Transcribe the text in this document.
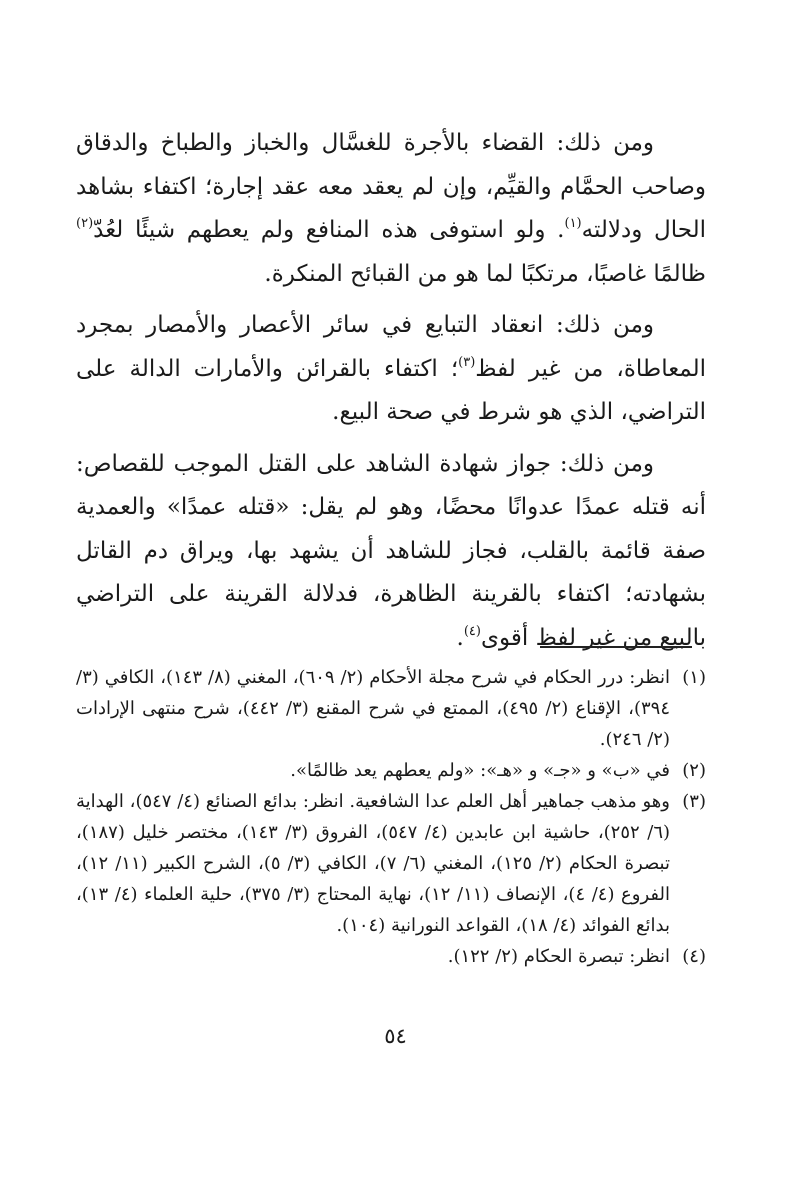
ومن ذلك: القضاء بالأجرة للغسَّال والخباز والطباخ والدقاق وصاحب الحمَّام والقيِّم، وإن لم يعقد معه عقد إجارة؛ اكتفاء بشاهد الحال ودلالته$^{(١)}$. ولو استوفى هذه المنافع ولم يعطهم شيئًا لعُدّ$^{(٢)}$ ظالمًا غاصبًا، مرتكبًا لما هو من القبائح المنكرة.

ومن ذلك: انعقاد التبايع في سائر الأعصار والأمصار بمجرد المعاطاة، من غير لفظ$^{(٣)}$؛ اكتفاء بالقرائن والأمارات الدالة على التراضي، الذي هو شرط في صحة البيع.

ومن ذلك: جواز شهادة الشاهد على القتل الموجب للقصاص: أنه قتله عمدًا عدوانًا محضًا، وهو لم يقل: «قتله عمدًا» والعمدية صفة قائمة بالقلب، فجاز للشاهد أن يشهد بها، ويراق دم القاتل بشهادته؛ اكتفاء بالقرينة الظاهرة، فدلالة القرينة على التراضي بالبيع من غير لفظ أقوى$^{(٤)}$.

(١)
انظر: درر الحكام في شرح مجلة الأحكام (٢/ ٦٠٩)، المغني (٨/ ١٤٣)، الكافي (٣/ ٣٩٤)، الإقناع (٢/ ٤٩٥)، الممتع في شرح المقنع (٣/ ٤٤٢)، شرح منتهى الإرادات (٢/ ٢٤٦).
(٢)
في «ب» و «جـ» و «هـ»: «ولم يعطهم يعد ظالمًا».
(٣)
وهو مذهب جماهير أهل العلم عدا الشافعية. انظر: بدائع الصنائع (٤/ ٥٤٧)، الهداية (٦/ ٢٥٢)، حاشية ابن عابدين (٤/ ٥٤٧)، الفروق (٣/ ١٤٣)، مختصر خليل (١٨٧)، تبصرة الحكام (٢/ ١٢٥)، المغني (٦/ ٧)، الكافي (٣/ ٥)، الشرح الكبير (١١/ ١٢)، الفروع (٤/ ٤)، الإنصاف (١١/ ١٢)، نهاية المحتاج (٣/ ٣٧٥)، حلية العلماء (٤/ ١٣)، بدائع الفوائد (٤/ ١٨)، القواعد النورانية (١٠٤).
(٤)
انظر: تبصرة الحكام (٢/ ١٢٢).
٥٤
